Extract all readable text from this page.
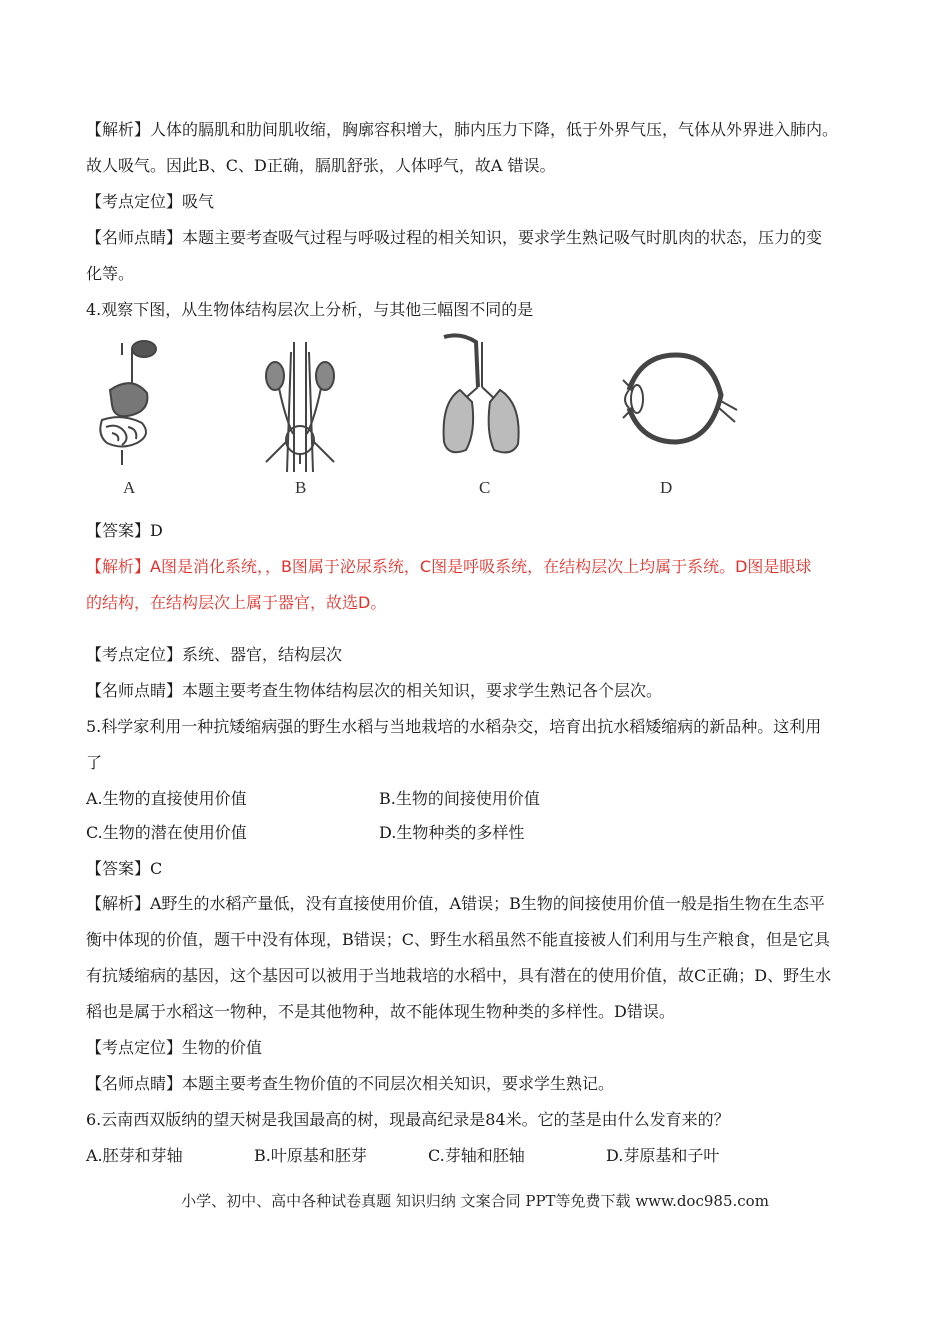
【解析】人体的膈肌和肋间肌收缩，胸廓容积增大，肺内压力下降，低于外界气压，气体从外界进入肺内。
故人吸气。因此B、C、D正确，膈肌舒张，人体呼气，故A 错误。
【考点定位】吸气
【名师点睛】本题主要考查吸气过程与呼吸过程的相关知识，要求学生熟记吸气时肌肉的状态，压力的变
化等。
4.观察下图，从生物体结构层次上分析，与其他三幅图不同的是
A	B	C	D
【答案】D
【解析】A图是消化系统，，B图属于泌尿系统，C图是呼吸系统，在结构层次上均属于系统。D图是眼球
的结构，在结构层次上属于器官，故选D。
【考点定位】系统、器官，结构层次
【名师点睛】本题主要考查生物体结构层次的相关知识，要求学生熟记各个层次。
5.科学家利用一种抗矮缩病强的野生水稻与当地栽培的水稻杂交，培育出抗水稻矮缩病的新品种。这利用
了
A.生物的直接使用价值	B.生物的间接使用价值
C.生物的潜在使用价值	D.生物种类的多样性
【答案】C
【解析】A野生的水稻产量低，没有直接使用价值，A错误；B生物的间接使用价值一般是指生物在生态平
衡中体现的价值，题干中没有体现，B错误；C、野生水稻虽然不能直接被人们利用与生产粮食，但是它具
有抗矮缩病的基因，这个基因可以被用于当地栽培的水稻中，具有潜在的使用价值，故C正确；D、野生水
稻也是属于水稻这一物种，不是其他物种，故不能体现生物种类的多样性。D错误。
【考点定位】生物的价值
【名师点睛】本题主要考查生物价值的不同层次相关知识，要求学生熟记。
6.云南西双版纳的望天树是我国最高的树，现最高纪录是84米。它的茎是由什么发育来的？
A.胚芽和芽轴	B.叶原基和胚芽	C.芽轴和胚轴	D.芽原基和子叶
小学、初中、高中各种试卷真题 知识归纳 文案合同 PPT等免费下载 www.doc985.com
